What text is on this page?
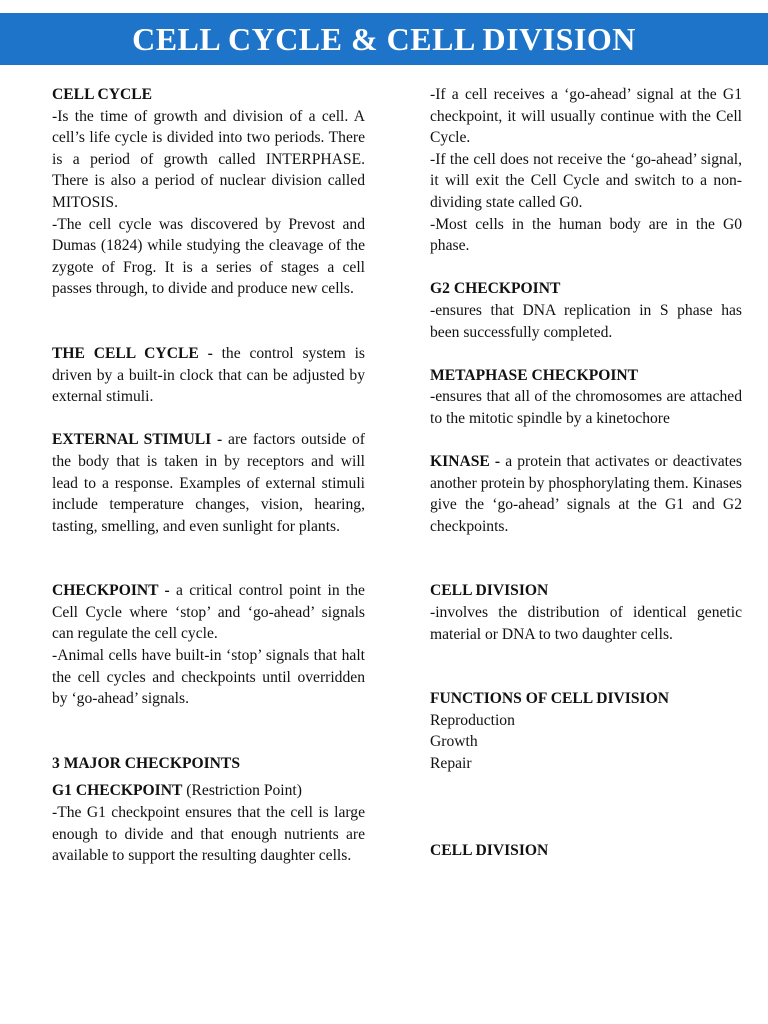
CELL CYCLE & CELL DIVISION

CELL CYCLE

-Is the time of growth and division of a cell. A cell’s life cycle is divided into two periods. There is a period of growth called INTERPHASE. There is also a period of nuclear division called MITOSIS.

-The cell cycle was discovered by Prevost and Dumas (1824) while studying the cleavage of the zygote of Frog. It is a series of stages a cell passes through, to divide and produce new cells.

THE CELL CYCLE - the control system is driven by a built-in clock that can be adjusted by external stimuli.

EXTERNAL STIMULI - are factors outside of the body that is taken in by receptors and will lead to a response. Examples of external stimuli include temperature changes, vision, hearing, tasting, smelling, and even sunlight for plants.

CHECKPOINT - a critical control point in the Cell Cycle where ‘stop’ and ‘go-ahead’ signals can regulate the cell cycle.

-Animal cells have built-in ‘stop’ signals that halt the cell cycles and checkpoints until overridden by ‘go-ahead’ signals.

3 MAJOR CHECKPOINTS

G1 CHECKPOINT (Restriction Point)

-The G1 checkpoint ensures that the cell is large enough to divide and that enough nutrients are available to support the resulting daughter cells.

-If a cell receives a ‘go-ahead’ signal at the G1 checkpoint, it will usually continue with the Cell Cycle.

-If the cell does not receive the ‘go-ahead’ signal, it will exit the Cell Cycle and switch to a non-dividing state called G0.

-Most cells in the human body are in the G0 phase.

G2 CHECKPOINT

-ensures that DNA replication in S phase has been successfully completed.

METAPHASE CHECKPOINT

-ensures that all of the chromosomes are attached to the mitotic spindle by a kinetochore

KINASE - a protein that activates or deactivates another protein by phosphorylating them. Kinases give the ‘go-ahead’ signals at the G1 and G2 checkpoints.

CELL DIVISION

-involves the distribution of identical genetic material or DNA to two daughter cells.

FUNCTIONS OF CELL DIVISION

Reproduction

Growth

Repair

CELL DIVISION
